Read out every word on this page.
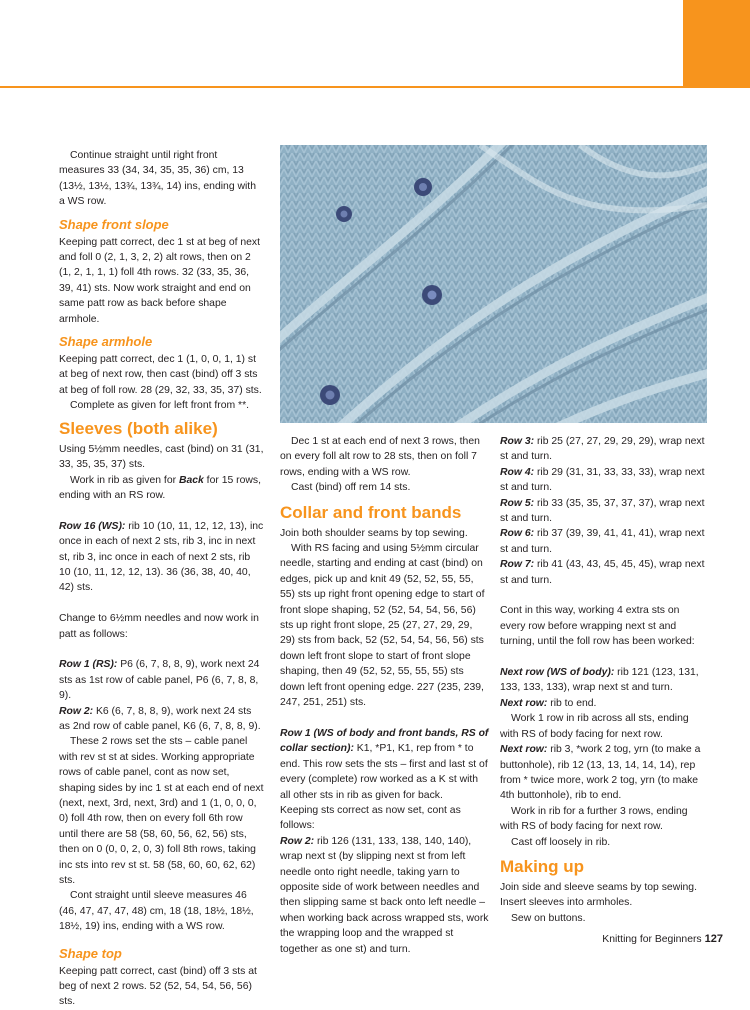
Continue straight until right front measures 33 (34, 34, 35, 35, 36) cm, 13 (13½, 13½, 13¾, 13¾, 14) ins, ending with a WS row.

Shape front slope

Keeping patt correct, dec 1 st at beg of next and foll 0 (2, 1, 3, 2, 2) alt rows, then on 2 (1, 2, 1, 1, 1) foll 4th rows. 32 (33, 35, 36, 39, 41) sts. Now work straight and end on same patt row as back before shape armhole.

Shape armhole

Keeping patt correct, dec 1 (1, 0, 0, 1, 1) st at beg of next row, then cast (bind) off 3 sts at beg of foll row. 28 (29, 32, 33, 35, 37) sts.

Complete as given for left front from **.

Sleeves (both alike)

Using 5½mm needles, cast (bind) on 31 (31, 33, 35, 35, 37) sts.

Work in rib as given for Back for 15 rows, ending with an RS row.

Row 16 (WS): rib 10 (10, 11, 12, 12, 13), inc once in each of next 2 sts, rib 3, inc in next st, rib 3, inc once in each of next 2 sts, rib 10 (10, 11, 12, 12, 13). 36 (36, 38, 40, 40, 42) sts.

Change to 6½mm needles and now work in patt as follows:

Row 1 (RS): P6 (6, 7, 8, 8, 9), work next 24 sts as 1st row of cable panel, P6 (6, 7, 8, 8, 9).

Row 2: K6 (6, 7, 8, 8, 9), work next 24 sts as 2nd row of cable panel, K6 (6, 7, 8, 8, 9).

These 2 rows set the sts – cable panel with rev st st at sides. Working appropriate rows of cable panel, cont as now set, shaping sides by inc 1 st at each end of next (next, next, 3rd, next, 3rd) and 1 (1, 0, 0, 0, 0) foll 4th row, then on every foll 6th row until there are 58 (58, 60, 56, 62, 56) sts, then on 0 (0, 0, 2, 0, 3) foll 8th rows, taking inc sts into rev st st. 58 (58, 60, 60, 62, 62) sts.

Cont straight until sleeve measures 46 (46, 47, 47, 47, 48) cm, 18 (18, 18½, 18½, 18½, 19) ins, ending with a WS row.

Shape top

Keeping patt correct, cast (bind) off 3 sts at beg of next 2 rows. 52 (52, 54, 54, 56, 56) sts.

Dec 1 st at each end of next 3 rows, then on every foll alt row to 28 sts, then on foll 7 rows, ending with a WS row.

Cast (bind) off rem 14 sts.

Collar and front bands

Join both shoulder seams by top sewing.

With RS facing and using 5½mm circular needle, starting and ending at cast (bind) on edges, pick up and knit 49 (52, 52, 55, 55, 55) sts up right front opening edge to start of front slope shaping, 52 (52, 54, 54, 56, 56) sts up right front slope, 25 (27, 27, 29, 29, 29) sts from back, 52 (52, 54, 54, 56, 56) sts down left front slope to start of front slope shaping, then 49 (52, 52, 55, 55, 55) sts down left front opening edge. 227 (235, 239, 247, 251, 251) sts.

Row 1 (WS of body and front bands, RS of collar section): K1, *P1, K1, rep from * to end. This row sets the sts – first and last st of every (complete) row worked as a K st with all other sts in rib as given for back.

Keeping sts correct as now set, cont as follows:

Row 2: rib 126 (131, 133, 138, 140, 140), wrap next st (by slipping next st from left needle onto right needle, taking yarn to opposite side of work between needles and then slipping same st back onto left needle – when working back across wrapped sts, work the wrapping loop and the wrapped st together as one st) and turn.

Row 3: rib 25 (27, 27, 29, 29, 29), wrap next st and turn.

Row 4: rib 29 (31, 31, 33, 33, 33), wrap next st and turn.

Row 5: rib 33 (35, 35, 37, 37, 37), wrap next st and turn.

Row 6: rib 37 (39, 39, 41, 41, 41), wrap next st and turn.

Row 7: rib 41 (43, 43, 45, 45, 45), wrap next st and turn.

Cont in this way, working 4 extra sts on every row before wrapping next st and turning, until the foll row has been worked:

Next row (WS of body): rib 121 (123, 131, 133, 133, 133), wrap next st and turn.

Next row: rib to end.

Work 1 row in rib across all sts, ending with RS of body facing for next row.

Next row: rib 3, *work 2 tog, yrn (to make a buttonhole), rib 12 (13, 13, 14, 14, 14), rep from * twice more, work 2 tog, yrn (to make 4th buttonhole), rib to end.

Work in rib for a further 3 rows, ending with RS of body facing for next row.

Cast off loosely in rib.

Making up

Join side and sleeve seams by top sewing.

Insert sleeves into armholes.

Sew on buttons.

Knitting for Beginners 127
